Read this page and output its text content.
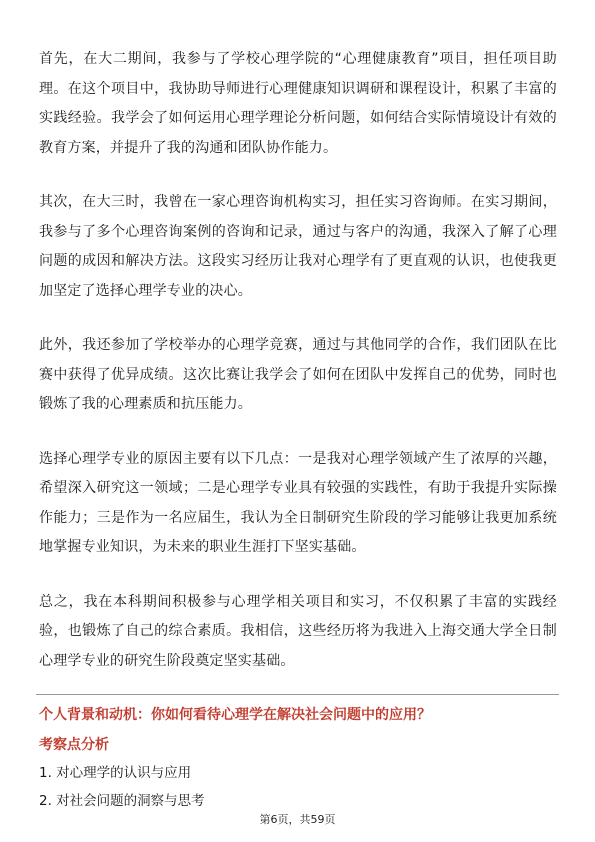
首先，在大二期间，我参与了学校心理学院的“心理健康教育”项目，担任项目助理。在这个项目中，我协助导师进行心理健康知识调研和课程设计，积累了丰富的实践经验。我学会了如何运用心理学理论分析问题，如何结合实际情境设计有效的教育方案，并提升了我的沟通和团队协作能力。

其次，在大三时，我曾在一家心理咨询机构实习，担任实习咨询师。在实习期间，我参与了多个心理咨询案例的咨询和记录，通过与客户的沟通，我深入了解了心理问题的成因和解决方法。这段实习经历让我对心理学有了更直观的认识，也使我更加坚定了选择心理学专业的决心。

此外，我还参加了学校举办的心理学竞赛，通过与其他同学的合作，我们团队在比赛中获得了优异成绩。这次比赛让我学会了如何在团队中发挥自己的优势，同时也锻炼了我的心理素质和抗压能力。

选择心理学专业的原因主要有以下几点：一是我对心理学领域产生了浓厚的兴趣，希望深入研究这一领域；二是心理学专业具有较强的实践性，有助于我提升实际操作能力；三是作为一名应届生，我认为全日制研究生阶段的学习能够让我更加系统地掌握专业知识，为未来的职业生涯打下坚实基础。

总之，我在本科期间积极参与心理学相关项目和实习，不仅积累了丰富的实践经验，也锻炼了自己的综合素质。我相信，这些经历将为我进入上海交通大学全日制心理学专业的研究生阶段奠定坚实基础。

个人背景和动机：你如何看待心理学在解决社会问题中的应用？

考察点分析

1. 对心理学的认识与应用
2. 对社会问题的洞察与思考
第6页，共59页
